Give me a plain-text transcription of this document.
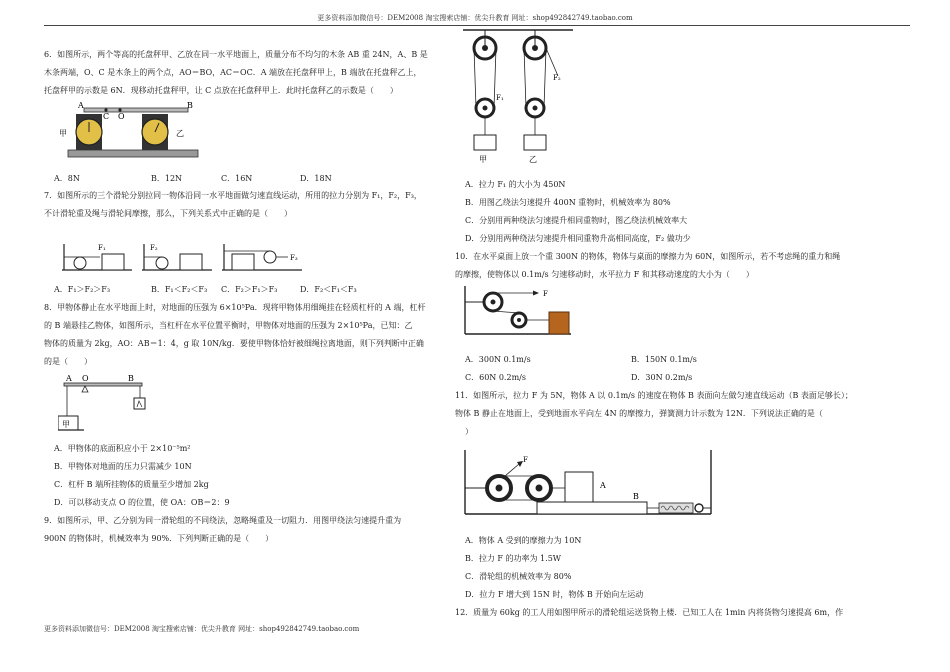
更多资料添加微信号：DEM2008 淘宝搜索店铺：优尖升教育 网址：shop492842749.taobao.com
6．如图所示，两个等高的托盘秤甲、乙放在同一水平地面上，质量分布不均匀的木条 AB 重 24N，A、B 是
木条两端，O、C 是木条上的两个点，AO＝BO，AC＝OC．A 端放在托盘秤甲上，B 端放在托盘秤乙上，
托盘秤甲的示数是 6N．现移动托盘秤甲，让 C 点放在托盘秤甲上．此时托盘秤乙的示数是（　　）
A
C O
B
甲	乙
A．8N	B．12N	C．16N	D．18N
7．如图所示的三个滑轮分别拉同一物体沿同一水平地面做匀速直线运动，所用的拉力分别为 F₁，F₂，F₃，
不计滑轮重及绳与滑轮间摩擦，那么，下列关系式中正确的是（　　）
F₁	F₂
F₃
A．F₁＞F₂＞F₃	B．F₁＜F₂＜F₃ C．F₂＞F₁＞F₃	D．F₂＜F₁＜F₃
8．甲物体静止在水平地面上时，对地面的压强为 6×10⁵Pa．现将甲物体用细绳挂在轻质杠杆的 A 端，杠杆
的 B 端悬挂乙物体，如图所示，当杠杆在水平位置平衡时，甲物体对地面的压强为 2×10⁵Pa，已知：乙
物体的质量为 2kg，AO：AB＝1：4，g 取 10N/kg．要使甲物体恰好被细绳拉离地面，则下列判断中正确
的是（　　）
A O	B
甲
A．甲物体的底面积应小于 2×10⁻⁵m²
B．甲物体对地面的压力只需减少 10N
C．杠杆 B 端所挂物体的质量至少增加 2kg
D．可以移动支点 O 的位置，使 OA：OB＝2：9
9．如图所示，甲、乙分别为同一滑轮组的不同绕法，忽略绳重及一切阻力．用图甲绕法匀速提升重为
900N 的物体时，机械效率为 90%．下列判断正确的是（　　）
F₁
甲
F₂
乙
A．拉力 F₁ 的大小为 450N
B．用图乙绕法匀速提升 400N 重物时，机械效率为 80%
C．分别用两种绕法匀速提升相同重物时，图乙绕法机械效率大
D．分别用两种绕法匀速提升相同重物升高相同高度，F₂ 做功少
10．在水平桌面上放一个重 300N 的物体，物体与桌面的摩擦力为 60N，如图所示，若不考虑绳的重力和绳
的摩擦，使物体以 0.1m/s 匀速移动时，水平拉力 F 和其移动速度的大小为（　　）
F
A．300N 0.1m/s	B．150N 0.1m/s
C．60N 0.2m/s	D．30N 0.2m/s
11．如图所示，拉力 F 为 5N，物体 A 以 0.1m/s 的速度在物体 B 表面向左做匀速直线运动（B 表面足够长）；
物体 B 静止在地面上，受到地面水平向左 4N 的摩擦力，弹簧测力计示数为 12N．下列说法正确的是（
）
F
A
B
A．物体 A 受到的摩擦力为 10N
B．拉力 F 的功率为 1.5W
C．滑轮组的机械效率为 80%
D．拉力 F 增大到 15N 时，物体 B 开始向左运动
12．质量为 60kg 的工人用如图甲所示的滑轮组运送货物上楼．已知工人在 1min 内将货物匀速提高 6m，作
更多资料添加微信号：DEM2008 淘宝搜索店铺：优尖升教育 网址：shop492842749.taobao.com
